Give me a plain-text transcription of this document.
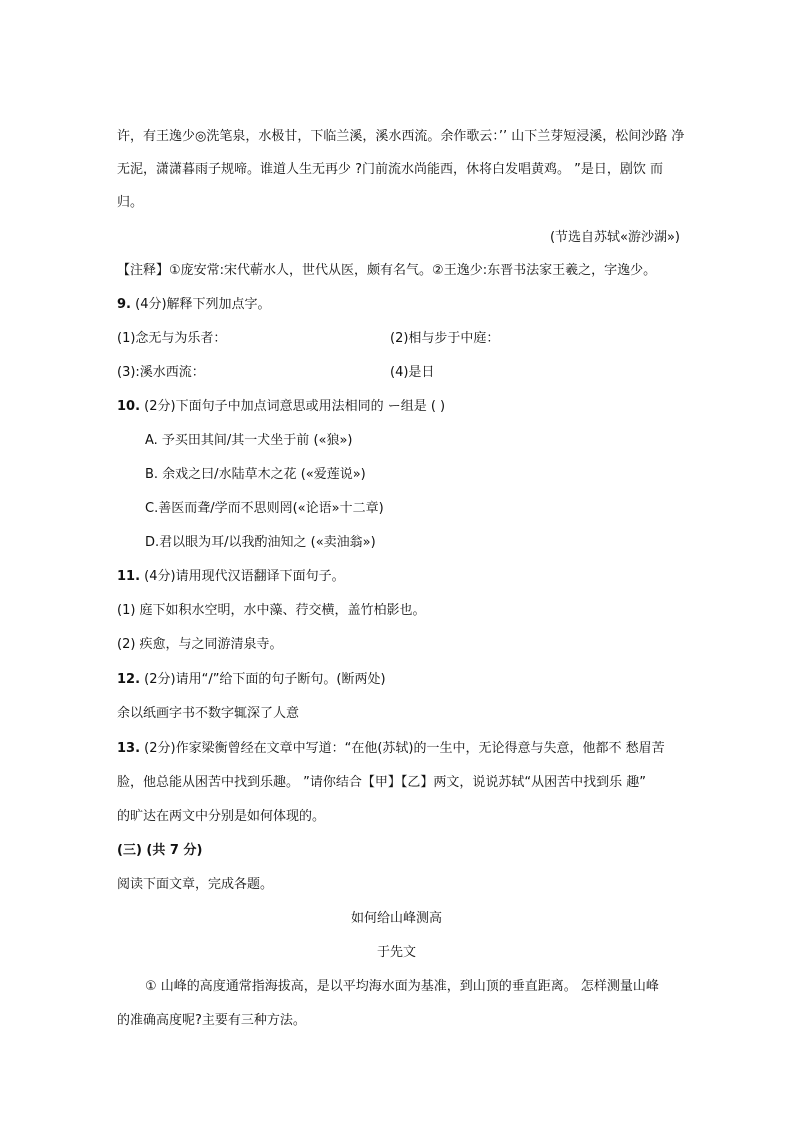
许，有王逸少◎洗笔泉，水极甘，下临兰溪，溪水西流。余作歌云：’’ 山下兰芽短浸溪，松间沙路 净
无泥，潇潇暮雨子规啼。谁道人生无再少 ?门前流水尚能西，休将白发唱黄鸡。 ”是日，剧饮 而
归。
(节选自苏轼«游沙湖»)
【注释】①庞安常:宋代蕲水人，世代从医，颇有名气。②王逸少:东晋书法家王羲之，字逸少。
9. (4分)解释下列加点字。
(1)念无与为乐者：	(2)相与步于中庭：
(3):溪水西流：	(4)是日
10. (2分)下面句子中加点词意思或用法相同的 ー组是 ( )
A. 予买田其间/其一犬坐于前 («狼»)
B. 余戏之曰/水陆草木之花 («爱莲说»)
C.善医而聋/学而不思则罔(«论语»十二章)
D.君以眼为耳/以我酌油知之 («卖油翁»)
11. (4分)请用现代汉语翻译下面句子。
(1) 庭下如积水空明，水中藻、荇交横，盖竹柏影也。
(2) 疾愈，与之同游清泉寺。
12. (2分)请用“/”给下面的句子断句。(断两处)
余以纸画字书不数字辄深了人意
13. (2分)作家梁衡曾经在文章中写道：“在他(苏轼)的一生中，无论得意与失意，他都不 愁眉苦
脸，他总能从困苦中找到乐趣。 ”请你结合【甲】【乙】两文，说说苏轼“从困苦中找到乐 趣”
的旷达在两文中分别是如何体现的。
(三) (共 7 分)
阅读下面文章，完成各题。
如何给山峰测高
于先文
① 山峰的高度通常指海拔高，是以平均海水面为基准，到山顶的垂直距离。 怎样测量山峰
的准确高度呢?主要有三种方法。
